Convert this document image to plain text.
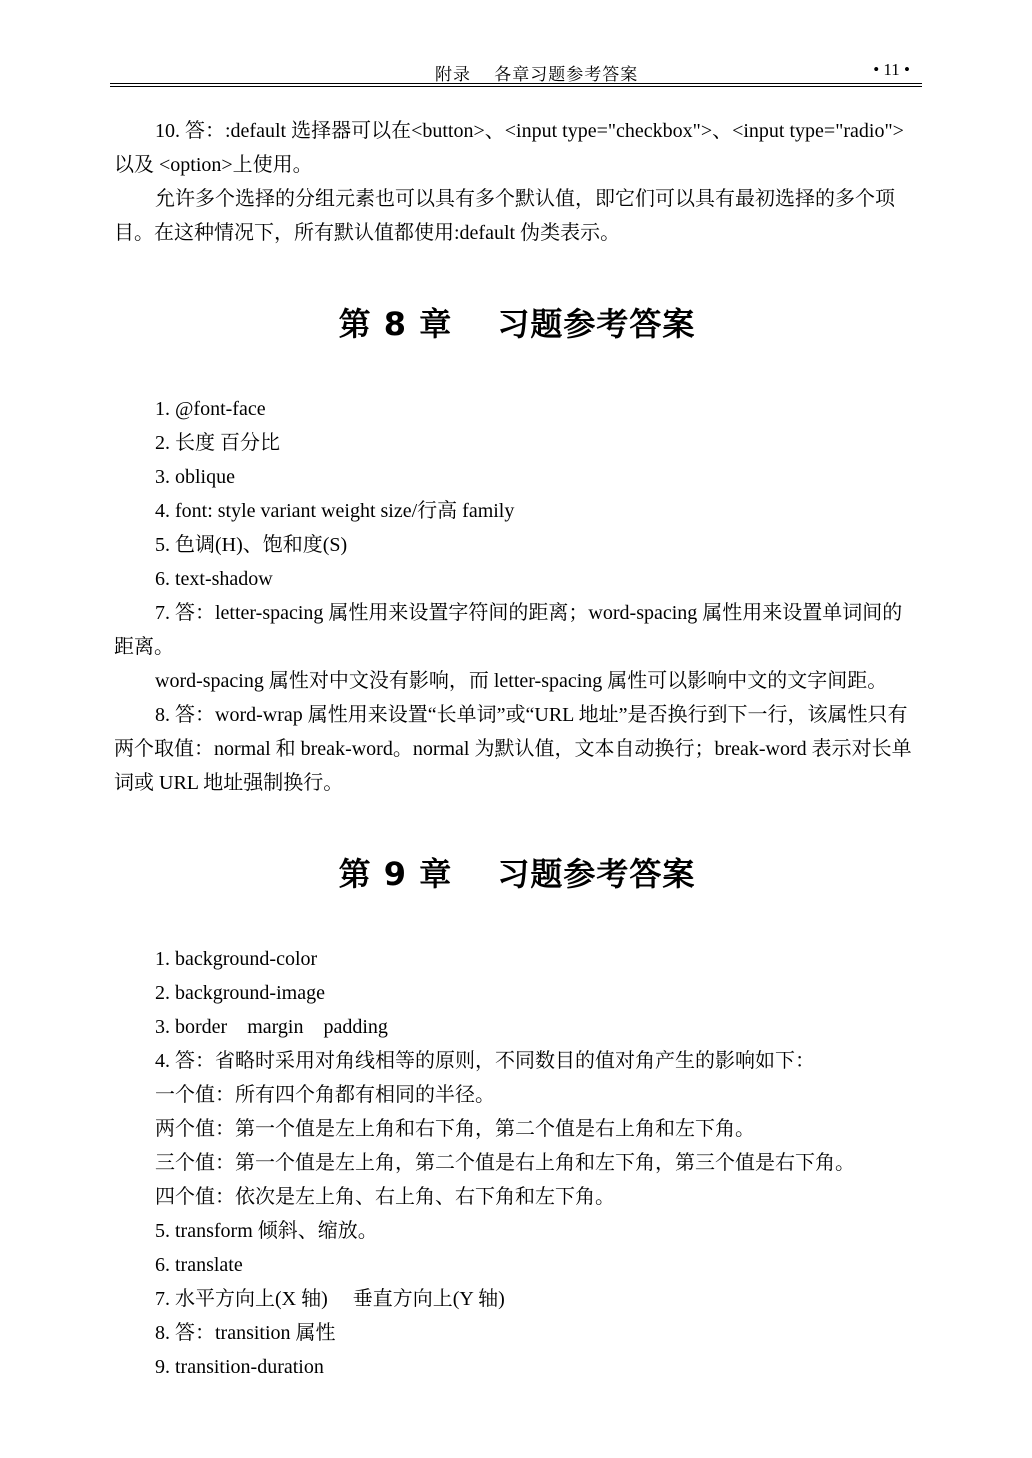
附录　 各章习题参考答案	• 11 •

10. 答：:default 选择器可以在<button>、<input type="checkbox">、<input type="radio">以及 <option>上使用。

允许多个选择的分组元素也可以具有多个默认值，即它们可以具有最初选择的多个项目。在这种情况下，所有默认值都使用:default 伪类表示。

第 8 章　 习题参考答案

1. @font-face

2. 长度 百分比

3. oblique

4. font: style variant weight size/行高 family

5. 色调(H)、饱和度(S)

6. text-shadow

7. 答：letter-spacing 属性用来设置字符间的距离；word-spacing 属性用来设置单词间的距离。

word-spacing 属性对中文没有影响，而 letter-spacing 属性可以影响中文的文字间距。

8. 答：word-wrap 属性用来设置“长单词”或“URL 地址”是否换行到下一行，该属性只有两个取值：normal 和 break-word。normal 为默认值，文本自动换行；break-word 表示对长单词或 URL 地址强制换行。

第 9 章　 习题参考答案

1. background-color

2. background-image

3. border　margin　padding

4. 答：省略时采用对角线相等的原则，不同数目的值对角产生的影响如下：

一个值：所有四个角都有相同的半径。

两个值：第一个值是左上角和右下角，第二个值是右上角和左下角。

三个值：第一个值是左上角，第二个值是右上角和左下角，第三个值是右下角。

四个值：依次是左上角、右上角、右下角和左下角。

5. transform 倾斜、缩放。

6. translate

7. 水平方向上(X 轴)　 垂直方向上(Y 轴)

8. 答：transition 属性

9. transition-duration
